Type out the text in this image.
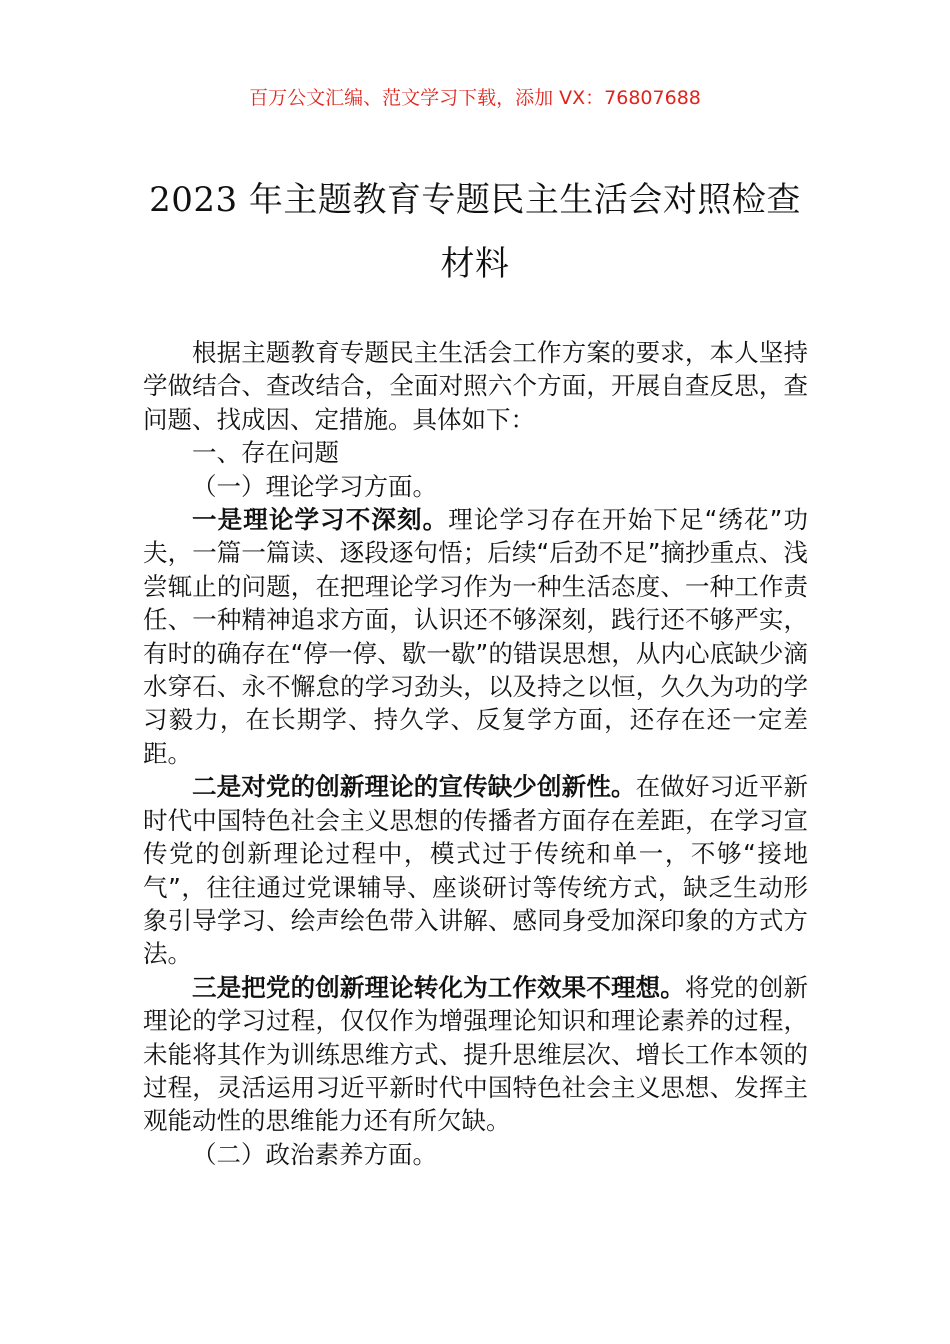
百万公文汇编、范文学习下载，添加 VX：76807688
2023 年主题教育专题民主生活会对照检查
材料

根据主题教育专题民主生活会工作方案的要求，本人坚持学做结合、查改结合，全面对照六个方面，开展自查反思，查问题、找成因、定措施。具体如下：

一、存在问题

（一）理论学习方面。

一是理论学习不深刻。理论学习存在开始下足“绣花”功夫，一篇一篇读、逐段逐句悟；后续“后劲不足”摘抄重点、浅尝辄止的问题，在把理论学习作为一种生活态度、一种工作责任、一种精神追求方面，认识还不够深刻，践行还不够严实，有时的确存在“停一停、歇一歇”的错误思想，从内心底缺少滴水穿石、永不懈怠的学习劲头，以及持之以恒，久久为功的学习毅力，在长期学、持久学、反复学方面，还存在还一定差距。

二是对党的创新理论的宣传缺少创新性。在做好习近平新时代中国特色社会主义思想的传播者方面存在差距，在学习宣传党的创新理论过程中，模式过于传统和单一，不够“接地气”，往往通过党课辅导、座谈研讨等传统方式，缺乏生动形象引导学习、绘声绘色带入讲解、感同身受加深印象的方式方法。

三是把党的创新理论转化为工作效果不理想。将党的创新理论的学习过程，仅仅作为增强理论知识和理论素养的过程，未能将其作为训练思维方式、提升思维层次、增长工作本领的过程，灵活运用习近平新时代中国特色社会主义思想、发挥主观能动性的思维能力还有所欠缺。

（二）政治素养方面。
